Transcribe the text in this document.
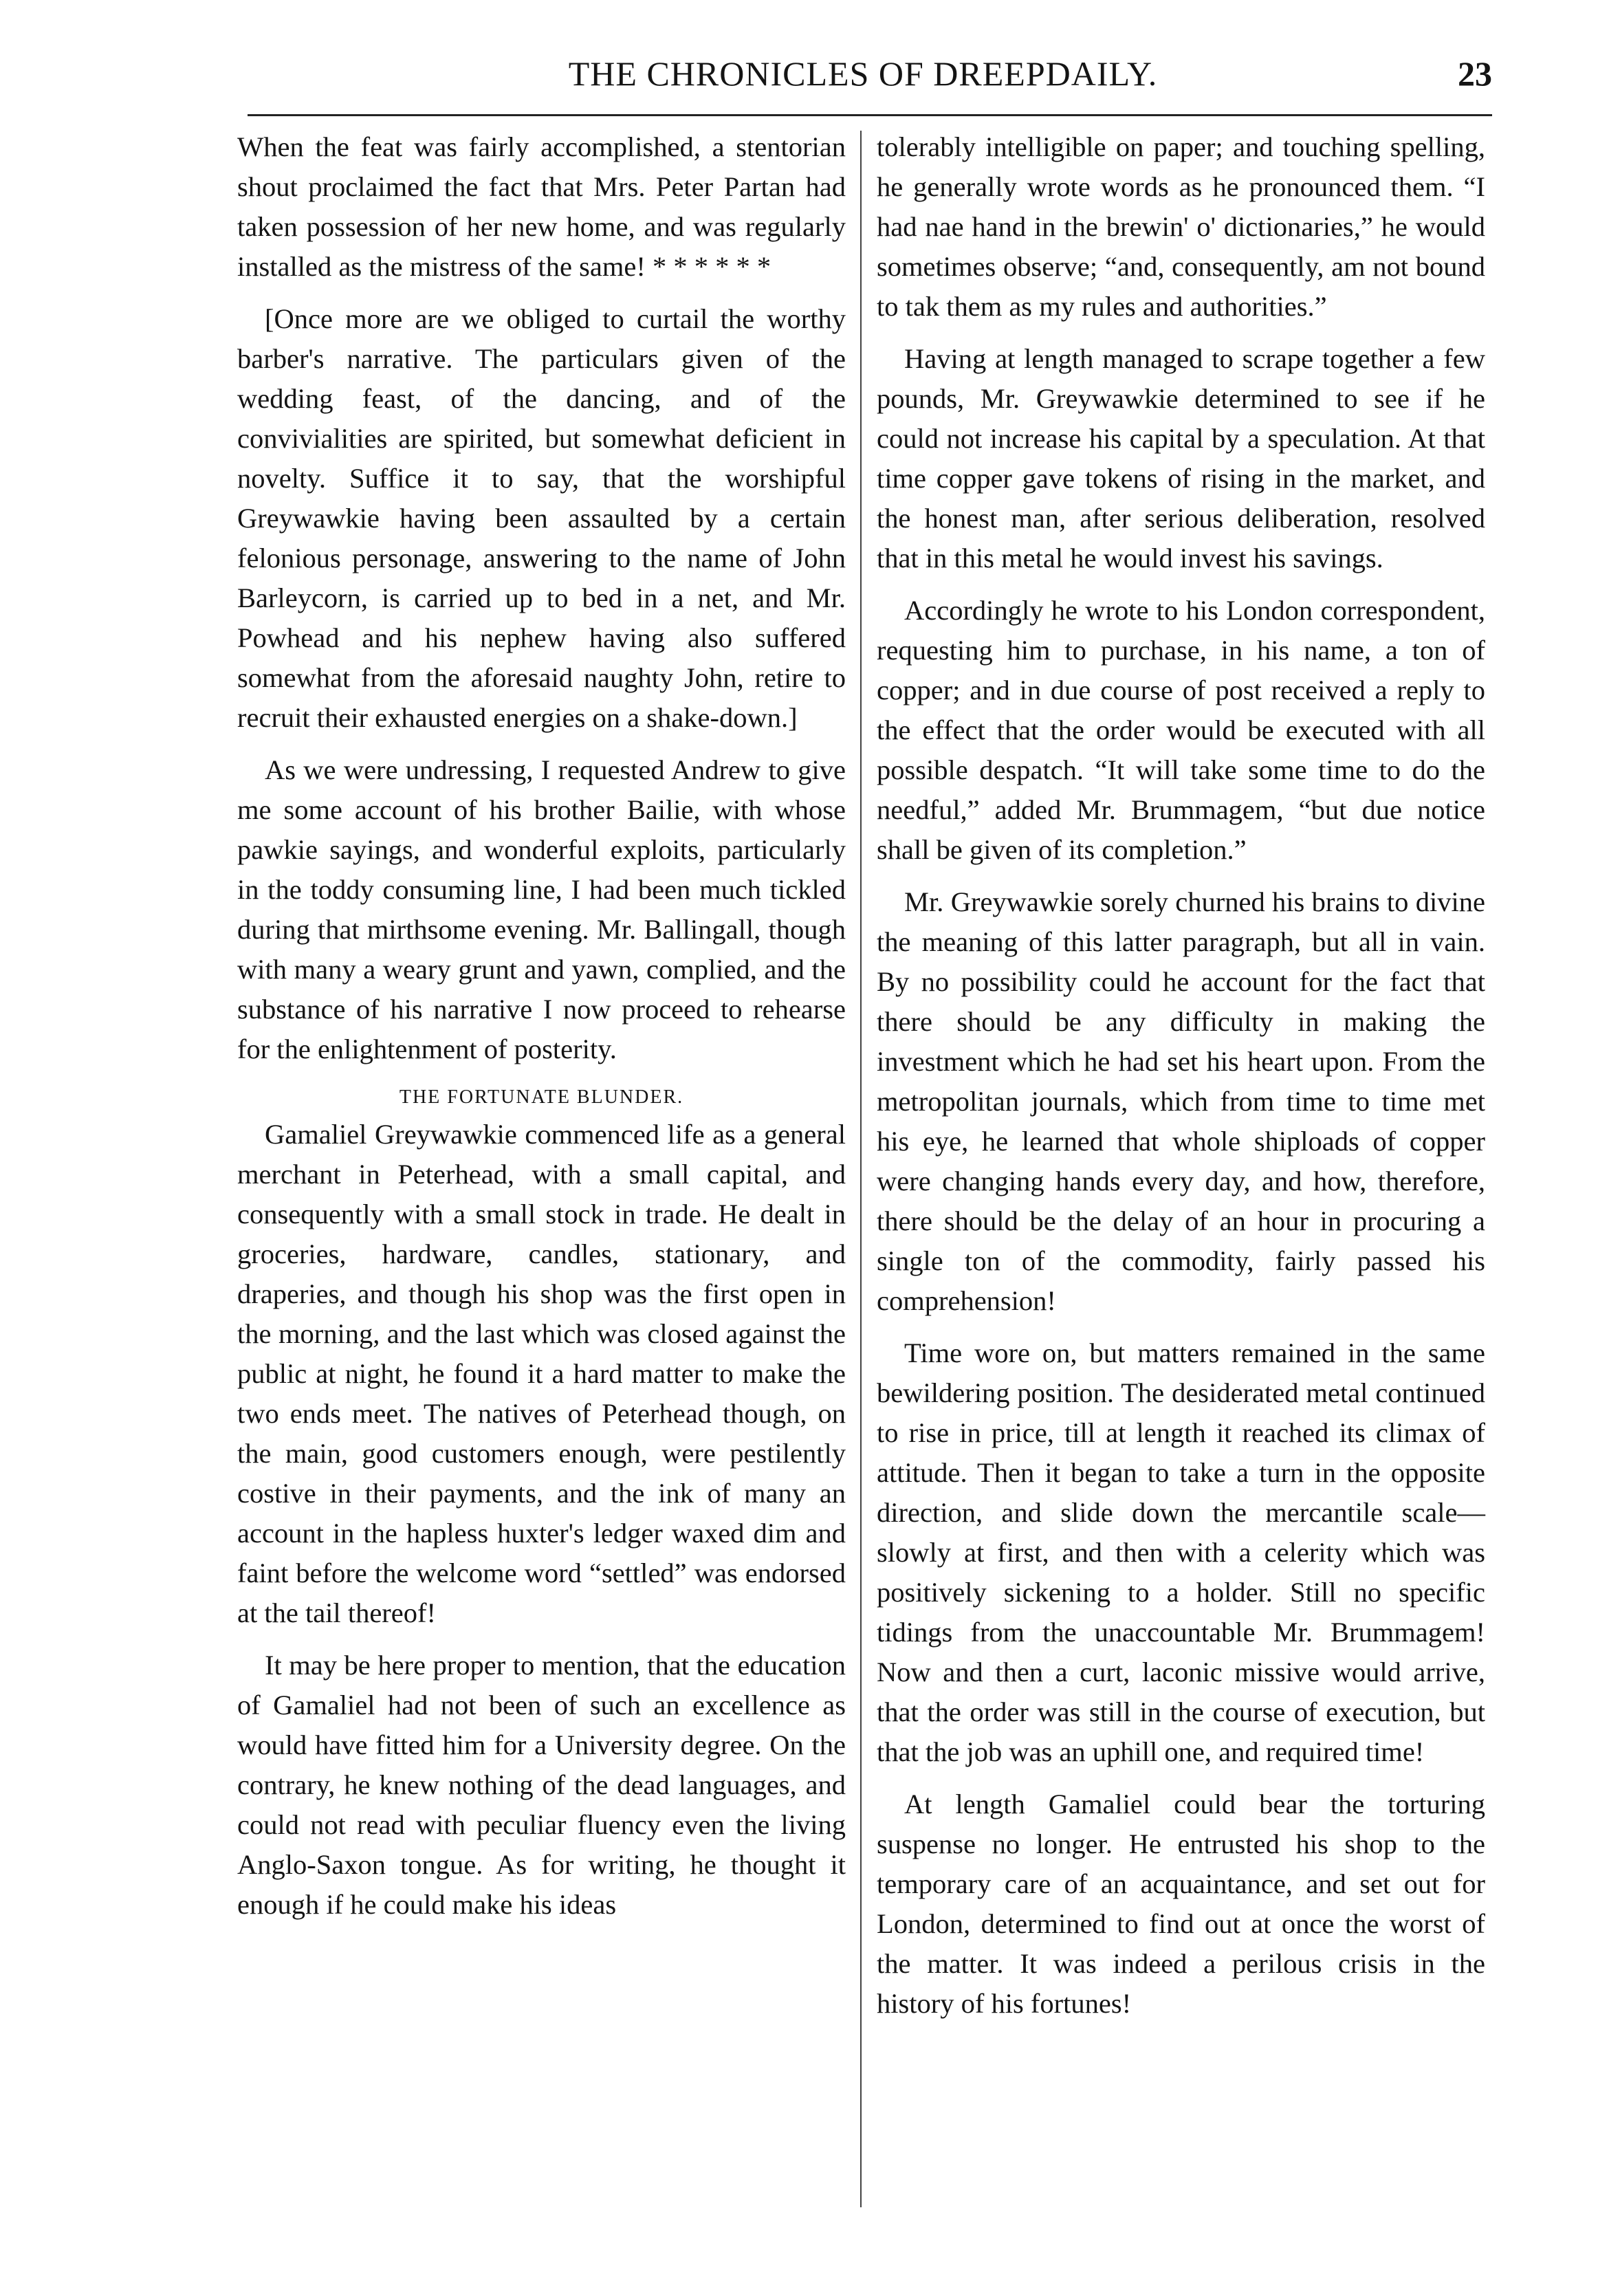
THE CHRONICLES OF DREEPDAILY.	23

When the feat was fairly accomplished, a stentorian shout proclaimed the fact that Mrs. Peter Partan had taken possession of her new home, and was regularly installed as the mistress of the same! * * * * * *

[Once more are we obliged to curtail the worthy barber's narrative. The particulars given of the wedding feast, of the dancing, and of the convivialities are spirited, but somewhat deficient in novelty. Suffice it to say, that the worshipful Greywawkie having been assaulted by a certain felonious personage, answering to the name of John Barleycorn, is carried up to bed in a net, and Mr. Powhead and his nephew having also suffered somewhat from the aforesaid naughty John, retire to recruit their exhausted energies on a shake-down.]

As we were undressing, I requested Andrew to give me some account of his brother Bailie, with whose pawkie sayings, and wonderful exploits, particularly in the toddy consuming line, I had been much tickled during that mirthsome evening. Mr. Ballingall, though with many a weary grunt and yawn, complied, and the substance of his narrative I now proceed to rehearse for the enlightenment of posterity.

THE FORTUNATE BLUNDER.

Gamaliel Greywawkie commenced life as a general merchant in Peterhead, with a small capital, and consequently with a small stock in trade. He dealt in groceries, hardware, candles, stationary, and draperies, and though his shop was the first open in the morning, and the last which was closed against the public at night, he found it a hard matter to make the two ends meet. The natives of Peterhead though, on the main, good customers enough, were pestilently costive in their payments, and the ink of many an account in the hapless huxter's ledger waxed dim and faint before the welcome word “settled” was endorsed at the tail thereof!

It may be here proper to mention, that the education of Gamaliel had not been of such an excellence as would have fitted him for a University degree. On the contrary, he knew nothing of the dead languages, and could not read with peculiar fluency even the living Anglo-Saxon tongue. As for writing, he thought it enough if he could make his ideas

tolerably intelligible on paper; and touching spelling, he generally wrote words as he pronounced them. “I had nae hand in the brewin' o' dictionaries,” he would sometimes observe; “and, consequently, am not bound to tak them as my rules and authorities.”

Having at length managed to scrape together a few pounds, Mr. Greywawkie determined to see if he could not increase his capital by a speculation. At that time copper gave tokens of rising in the market, and the honest man, after serious deliberation, resolved that in this metal he would invest his savings.

Accordingly he wrote to his London correspondent, requesting him to purchase, in his name, a ton of copper; and in due course of post received a reply to the effect that the order would be executed with all possible despatch. “It will take some time to do the needful,” added Mr. Brummagem, “but due notice shall be given of its completion.”

Mr. Greywawkie sorely churned his brains to divine the meaning of this latter paragraph, but all in vain. By no possibility could he account for the fact that there should be any difficulty in making the investment which he had set his heart upon. From the metropolitan journals, which from time to time met his eye, he learned that whole shiploads of copper were changing hands every day, and how, therefore, there should be the delay of an hour in procuring a single ton of the commodity, fairly passed his comprehension!

Time wore on, but matters remained in the same bewildering position. The desiderated metal continued to rise in price, till at length it reached its climax of attitude. Then it began to take a turn in the opposite direction, and slide down the mercantile scale—slowly at first, and then with a celerity which was positively sickening to a holder. Still no specific tidings from the unaccountable Mr. Brummagem! Now and then a curt, laconic missive would arrive, that the order was still in the course of execution, but that the job was an uphill one, and required time!

At length Gamaliel could bear the torturing suspense no longer. He entrusted his shop to the temporary care of an acquaintance, and set out for London, determined to find out at once the worst of the matter. It was indeed a perilous crisis in the history of his fortunes!
